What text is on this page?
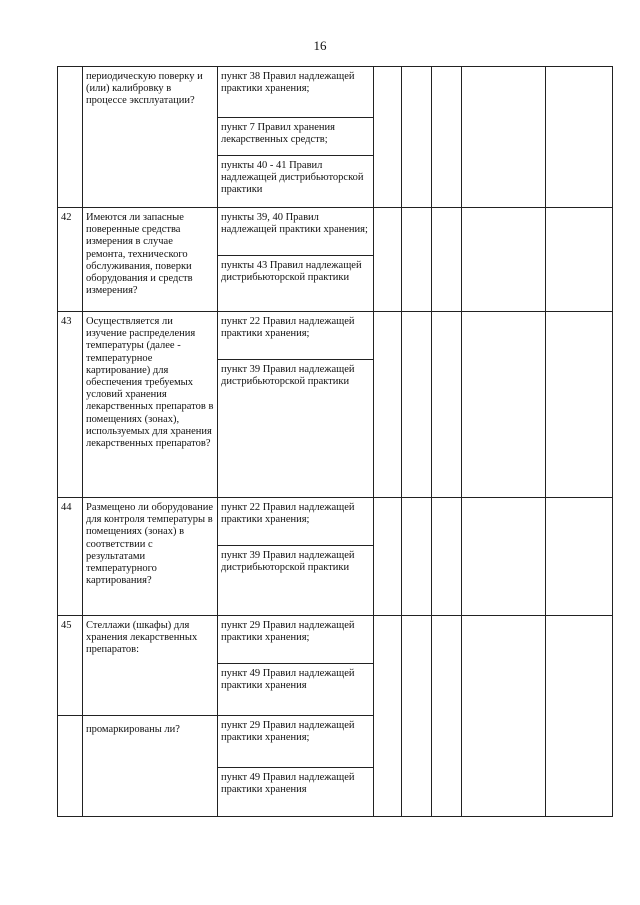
16
	периодическую поверку и (или) калибровку в процессе эксплуатации?	пункт 38 Правил надлежащей практики хранения;					
		пункт 7 Правил хранения лекарственных средств;					
		пункты 40 - 41 Правил надлежащей дистрибьюторской практики					
42	Имеются ли запасные поверенные средства измерения в случае ремонта, технического обслуживания, поверки оборудования и средств измерения?	пункты 39, 40 Правил надлежащей практики хранения;					
		пункты 43 Правил надлежащей дистрибьюторской практики					
43	Осуществляется ли изучение распределения температуры (далее - температурное картирование) для обеспечения требуемых условий хранения лекарственных препаратов в помещениях (зонах), используемых для хранения лекарственных препаратов?	пункт 22 Правил надлежащей практики хранения;					
		пункт 39 Правил надлежащей дистрибьюторской практики					
44	Размещено ли оборудование для контроля температуры в помещениях (зонах) в соответствии с результатами температурного картирования?	пункт 22 Правил надлежащей практики хранения;					
		пункт 39 Правил надлежащей дистрибьюторской практики					
45	Стеллажи (шкафы) для хранения лекарственных препаратов:	пункт 29 Правил надлежащей практики хранения;					
		пункт 49 Правил надлежащей практики хранения					
	промаркированы ли?	пункт 29 Правил надлежащей практики хранения;					
		пункт 49 Правил надлежащей практики хранения					
